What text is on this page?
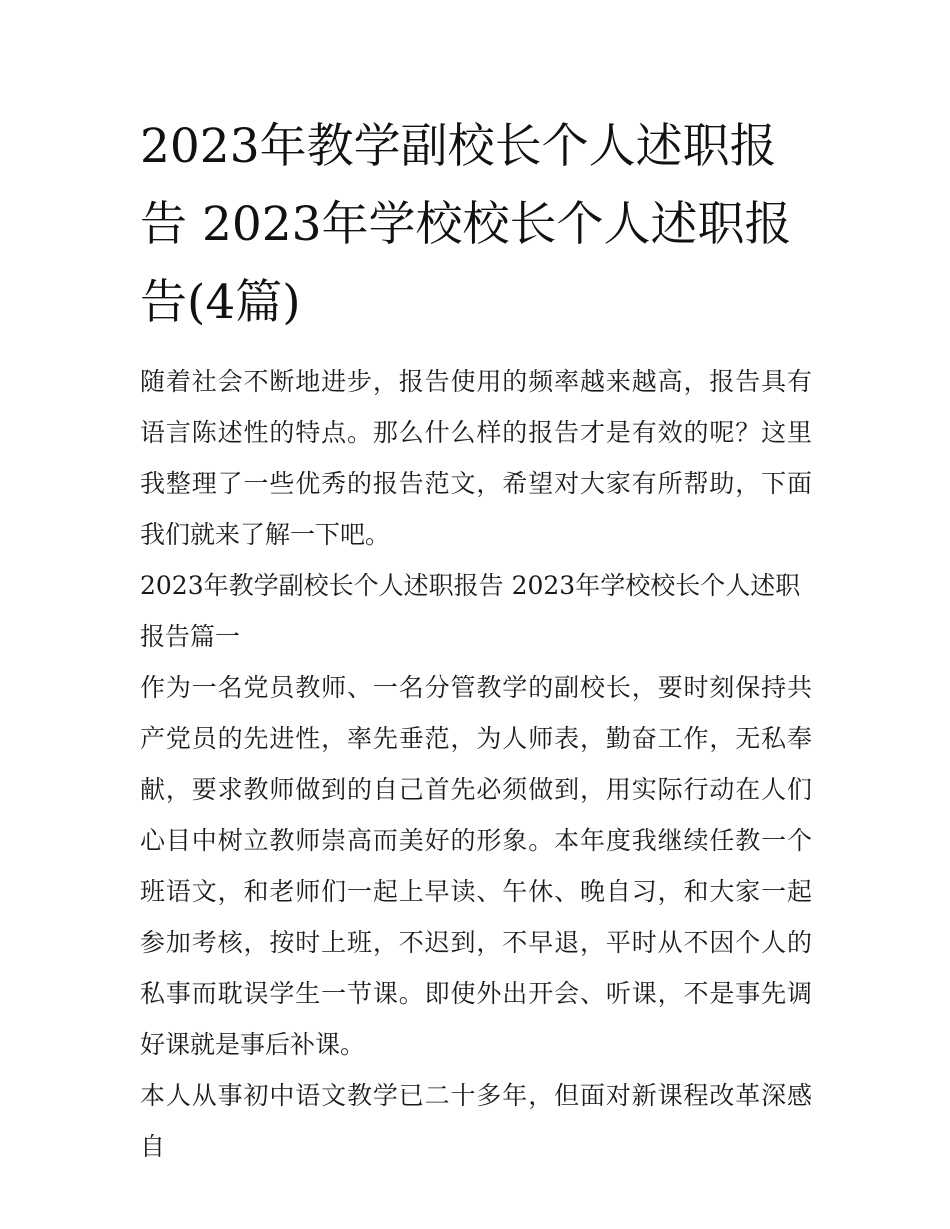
2023年教学副校长个人述职报告 2023年学校校长个人述职报告(4篇)

随着社会不断地进步，报告使用的频率越来越高，报告具有语言陈述性的特点。那么什么样的报告才是有效的呢？这里我整理了一些优秀的报告范文，希望对大家有所帮助，下面我们就来了解一下吧。

2023年教学副校长个人述职报告 2023年学校校长个人述职报告篇一

作为一名党员教师、一名分管教学的副校长，要时刻保持共产党员的先进性，率先垂范，为人师表，勤奋工作，无私奉献，要求教师做到的自己首先必须做到，用实际行动在人们心目中树立教师崇高而美好的形象。本年度我继续任教一个班语文，和老师们一起上早读、午休、晚自习，和大家一起参加考核，按时上班，不迟到，不早退，平时从不因个人的私事而耽误学生一节课。即使外出开会、听课，不是事先调好课就是事后补课。

本人从事初中语文教学已二十多年，但面对新课程改革深感自
